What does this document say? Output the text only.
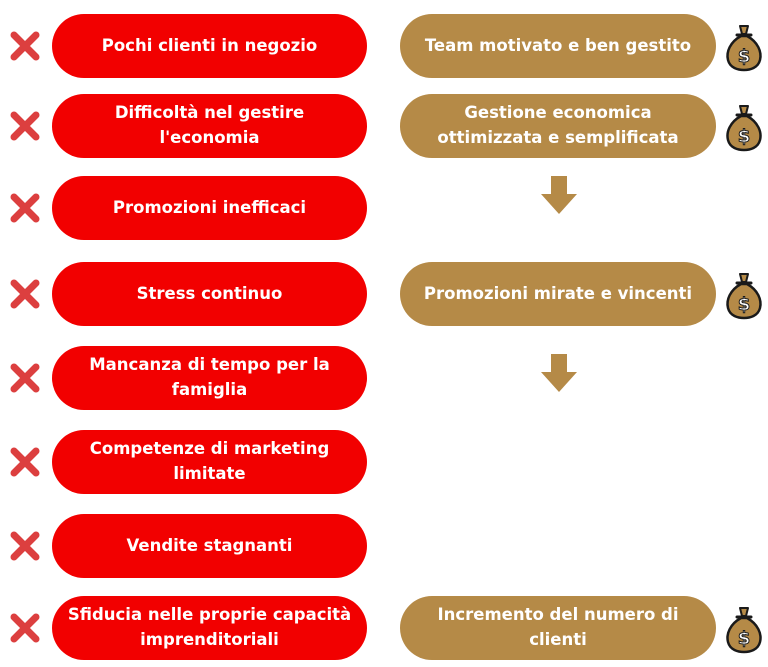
Pochi clienti in negozio	Team motivato e ben gestito
$
Difficoltà nel gestire l'economia
Gestione economica ottimizzata e semplificata	$
Promozioni inefficaci
Stress continuo	Promozioni mirate e vincenti
$
Mancanza di tempo per la famiglia
Competenze di marketing limitate
Vendite stagnanti
Sfiducia nelle proprie capacità imprenditoriali
Incremento del numero di clienti	$
